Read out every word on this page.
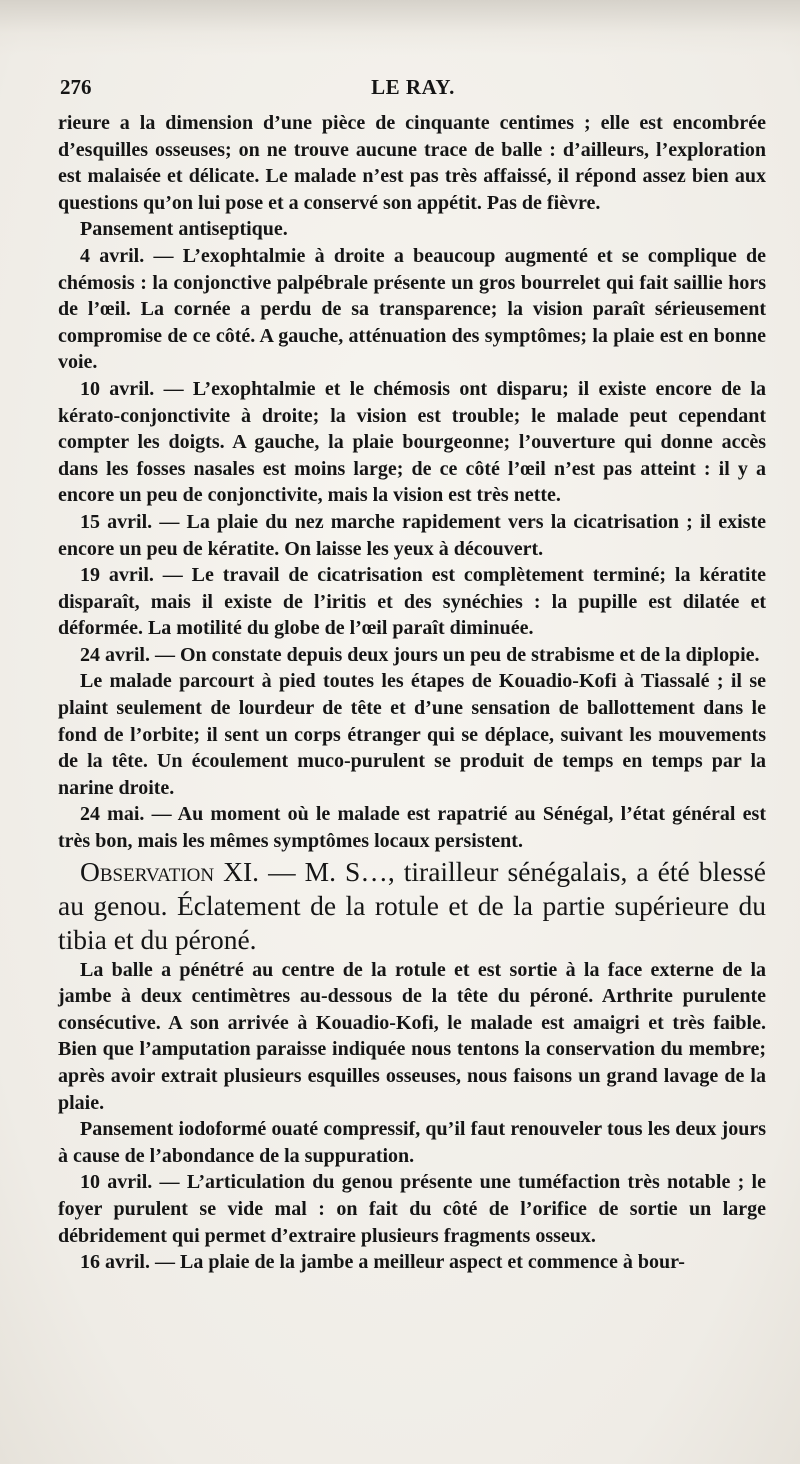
276	LE RAY.

rieure a la dimension d’une pièce de cinquante centimes ; elle est encombrée d’esquilles osseuses; on ne trouve aucune trace de balle : d’ailleurs, l’exploration est malaisée et délicate. Le malade n’est pas très affaissé, il répond assez bien aux questions qu’on lui pose et a conservé son appétit. Pas de fièvre.

Pansement antiseptique.

4 avril. — L’exophtalmie à droite a beaucoup augmenté et se complique de chémosis : la conjonctive palpébrale présente un gros bourrelet qui fait saillie hors de l’œil. La cornée a perdu de sa transparence; la vision paraît sérieusement compromise de ce côté. A gauche, atténuation des symptômes; la plaie est en bonne voie.

10 avril. — L’exophtalmie et le chémosis ont disparu; il existe encore de la kérato-conjonctivite à droite; la vision est trouble; le malade peut cependant compter les doigts. A gauche, la plaie bourgeonne; l’ouverture qui donne accès dans les fosses nasales est moins large; de ce côté l’œil n’est pas atteint : il y a encore un peu de conjonctivite, mais la vision est très nette.

15 avril. — La plaie du nez marche rapidement vers la cicatrisation ; il existe encore un peu de kératite. On laisse les yeux à découvert.

19 avril. — Le travail de cicatrisation est complètement terminé; la kératite disparaît, mais il existe de l’iritis et des synéchies : la pupille est dilatée et déformée. La motilité du globe de l’œil paraît diminuée.

24 avril. — On constate depuis deux jours un peu de strabisme et de la diplopie.

Le malade parcourt à pied toutes les étapes de Kouadio-Kofi à Tiassalé ; il se plaint seulement de lourdeur de tête et d’une sensation de ballottement dans le fond de l’orbite; il sent un corps étranger qui se déplace, suivant les mouvements de la tête. Un écoulement muco-purulent se produit de temps en temps par la narine droite.

24 mai. — Au moment où le malade est rapatrié au Sénégal, l’état général est très bon, mais les mêmes symptômes locaux persistent.

Observation XI. — M. S…, tirailleur sénégalais, a été blessé au genou. Éclatement de la rotule et de la partie supérieure du tibia et du péroné.

La balle a pénétré au centre de la rotule et est sortie à la face externe de la jambe à deux centimètres au-dessous de la tête du péroné. Arthrite purulente consécutive. A son arrivée à Kouadio-Kofi, le malade est amaigri et très faible. Bien que l’amputation paraisse indiquée nous tentons la conservation du membre; après avoir extrait plusieurs esquilles osseuses, nous faisons un grand lavage de la plaie.

Pansement iodoformé ouaté compressif, qu’il faut renouveler tous les deux jours à cause de l’abondance de la suppuration.

10 avril. — L’articulation du genou présente une tuméfaction très notable ; le foyer purulent se vide mal : on fait du côté de l’orifice de sortie un large débridement qui permet d’extraire plusieurs fragments osseux.

16 avril. — La plaie de la jambe a meilleur aspect et commence à bour-
